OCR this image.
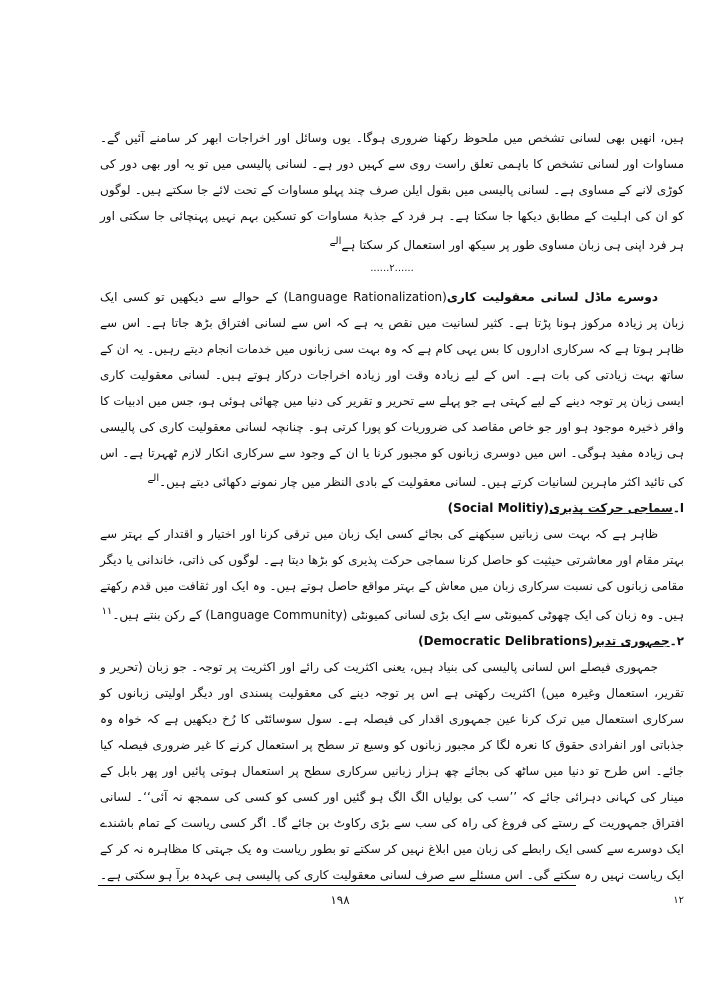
ہیں، انھیں بھی لسانی تشخص میں ملحوظ رکھنا ضروری ہوگا۔ یوں وسائل اور اخراجات ابھر کر سامنے آئیں گے۔ مساوات اور لسانی تشخص کا باہمی تعلق راست روی سے کہیں دور ہے۔ لسانی پالیسی میں تو یہ اور بھی دور کی کوڑی لانے کے مساوی ہے۔ لسانی پالیسی میں بقول ایلن صرف چند پہلو مساوات کے تحت لائے جا سکتے ہیں۔ لوگوں کو ان کی اہلیت کے مطابق دیکھا جا سکتا ہے۔ ہر فرد کے جذبۂ مساوات کو تسکین بہم نہیں پہنچائی جا سکتی اور ہر فرد اپنی ہی زبان مساوی طور پر سیکھ اور استعمال کر سکتا ہے$^{الے}$

......۲......

دوسرے ماڈل لسانی معقولیت کاری(Language Rationalization) کے حوالے سے دیکھیں تو کسی ایک زبان پر زیادہ مرکوز ہونا پڑتا ہے۔ کثیر لسانیت میں نقص یہ ہے کہ اس سے لسانی افتراق بڑھ جاتا ہے۔ اس سے ظاہر ہوتا ہے کہ سرکاری اداروں کا بس یہی کام ہے کہ وہ بہت سی زبانوں میں خدمات انجام دیتے رہیں۔ یہ ان کے ساتھ بہت زیادتی کی بات ہے۔ اس کے لیے زیادہ وقت اور زیادہ اخراجات درکار ہوتے ہیں۔ لسانی معقولیت کاری ایسی زبان پر توجہ دینے کے لیے کہتی ہے جو پہلے سے تحریر و تقریر کی دنیا میں چھائی ہوئی ہو، جس میں ادبیات کا وافر ذخیرہ موجود ہو اور جو خاص مقاصد کی ضروریات کو پورا کرتی ہو۔ چنانچہ لسانی معقولیت کاری کی پالیسی ہی زیادہ مفید ہوگی۔ اس میں دوسری زبانوں کو مجبور کرنا یا ان کے وجود سے سرکاری انکار لازم ٹھہرتا ہے۔ اس کی تائید اکثر ماہرین لسانیات کرتے ہیں۔ لسانی معقولیت کے بادی النظر میں چار نمونے دکھائی دیتے ہیں۔$^{الے}$

ا۔سماجی حرکت پذیری(Social Molitiy)

ظاہر ہے کہ بہت سی زبانیں سیکھنے کی بجائے کسی ایک زبان میں ترقی کرنا اور اختیار و اقتدار کے بہتر سے بہتر مقام اور معاشرتی حیثیت کو حاصل کرنا سماجی حرکت پذیری کو بڑھا دیتا ہے۔ لوگوں کی ذاتی، خاندانی یا دیگر مقامی زبانوں کی نسبت سرکاری زبان میں معاش کے بہتر مواقع حاصل ہوتے ہیں۔ وہ ایک اور ثقافت میں قدم رکھتے ہیں۔ وہ زبان کی ایک چھوٹی کمیونٹی سے ایک بڑی لسانی کمیونٹی (Language Community) کے رکن بنتے ہیں۔$^{۱۱}$

۲۔جمہوری تدبر(Democratic Delibrations)

جمہوری فیصلے اس لسانی پالیسی کی بنیاد ہیں، یعنی اکثریت کی رائے اور اکثریت پر توجہ۔ جو زبان (تحریر و تقریر، استعمال وغیرہ میں) اکثریت رکھتی ہے اس پر توجہ دینے کی معقولیت پسندی اور دیگر اولیتی زبانوں کو سرکاری استعمال میں ترک کرنا عین جمہوری اقدار کی فیصلہ ہے۔ سول سوسائٹی کا رُخ دیکھیں ہے کہ خواہ وہ جذباتی اور انفرادی حقوق کا نعرہ لگا کر مجبور زبانوں کو وسیع تر سطح پر استعمال کرنے کا غیر ضروری فیصلہ کیا جائے۔ اس طرح تو دنیا میں ساٹھ کی بجائے چھ ہزار زبانیں سرکاری سطح پر استعمال ہوتی پائیں اور پھر بابل کے مینار کی کہانی دہرائی جائے کہ ’’سب کی بولیاں الگ الگ ہو گئیں اور کسی کو کسی کی سمجھ نہ آئی‘‘۔ لسانی افتراق جمہوریت کے رستے کی فروغ کی راہ کی سب سے بڑی رکاوٹ بن جائے گا۔ اگر کسی ریاست کے تمام باشندے ایک دوسرے سے کسی ایک رابطے کی زبان میں ابلاغ نہیں کر سکتے تو بطور ریاست وہ یک جہتی کا مظاہرہ نہ کر کے ایک ریاست نہیں رہ سکتے گی۔ اس مسئلے سے صرف لسانی معقولیت کاری کی پالیسی ہی عہدہ برآ ہو سکتی ہے۔$^{۱۲}$

۱۹۸
